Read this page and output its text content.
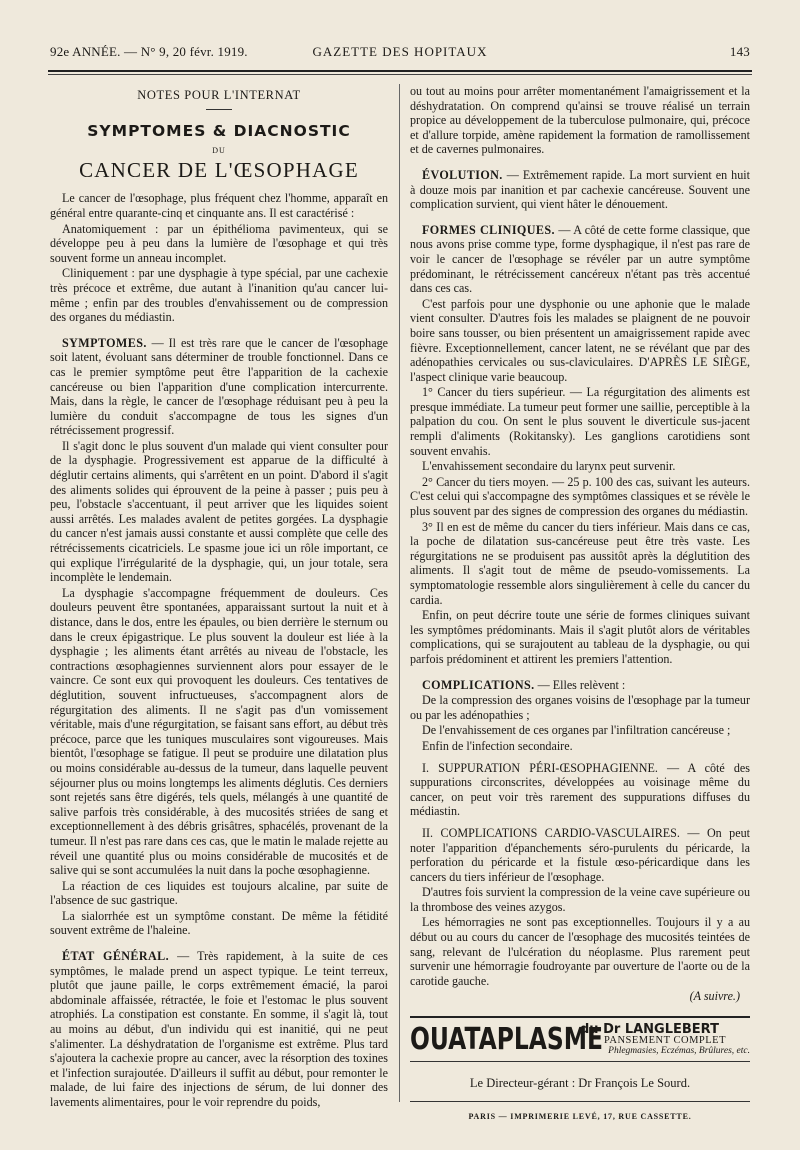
92e ANNÉE. — N° 9, 20 févr. 1919.	GAZETTE DES HOPITAUX	143

NOTES POUR L'INTERNAT

SYMPTOMES & DIACNOSTIC

DU

CANCER DE L'ŒSOPHAGE

Le cancer de l'œsophage, plus fréquent chez l'homme, apparaît en général entre quarante-cinq et cinquante ans. Il est caractérisé :

Anatomiquement : par un épithélioma pavimenteux, qui se développe peu à peu dans la lumière de l'œsophage et qui très souvent forme un anneau incomplet.

Cliniquement : par une dysphagie à type spécial, par une cachexie très précoce et extrême, due autant à l'inanition qu'au cancer lui-même ; enfin par des troubles d'envahissement ou de compression des organes du médiastin.

SYMPTOMES. — Il est très rare que le cancer de l'œsophage soit latent, évoluant sans déterminer de trouble fonctionnel. Dans ce cas le premier symptôme peut être l'apparition de la cachexie cancéreuse ou bien l'apparition d'une complication intercurrente. Mais, dans la règle, le cancer de l'œsophage réduisant peu à peu la lumière du conduit s'accompagne de tous les signes d'un rétrécissement progressif.

Il s'agit donc le plus souvent d'un malade qui vient consulter pour de la dysphagie. Progressivement est apparue de la difficulté à déglutir certains aliments, qui s'arrêtent en un point. D'abord il s'agit des aliments solides qui éprouvent de la peine à passer ; puis peu à peu, l'obstacle s'accentuant, il peut arriver que les liquides soient aussi arrêtés. Les malades avalent de petites gorgées. La dysphagie du cancer n'est jamais aussi constante et aussi complète que celle des rétrécissements cicatriciels. Le spasme joue ici un rôle important, ce qui explique l'irrégularité de la dysphagie, qui, un jour totale, sera incomplète le lendemain.

La dysphagie s'accompagne fréquemment de douleurs. Ces douleurs peuvent être spontanées, apparaissant surtout la nuit et à distance, dans le dos, entre les épaules, ou bien derrière le sternum ou dans le creux épigastrique. Le plus souvent la douleur est liée à la dysphagie ; les aliments étant arrêtés au niveau de l'obstacle, les contractions œsophagiennes surviennent alors pour essayer de le vaincre. Ce sont eux qui provoquent les douleurs. Ces tentatives de déglutition, souvent infructueuses, s'accompagnent alors de régurgitation des aliments. Il ne s'agit pas d'un vomissement véritable, mais d'une régurgitation, se faisant sans effort, au début très précoce, parce que les tuniques musculaires sont vigoureuses. Mais bientôt, l'œsophage se fatigue. Il peut se produire une dilatation plus ou moins considérable au-dessus de la tumeur, dans laquelle peuvent séjourner plus ou moins longtemps les aliments déglutis. Ces derniers sont rejetés sans être digérés, tels quels, mélangés à une quantité de salive parfois très considérable, à des mucosités striées de sang et exceptionnellement à des débris grisâtres, sphacélés, provenant de la tumeur. Il n'est pas rare dans ces cas, que le matin le malade rejette au réveil une quantité plus ou moins considérable de mucosités et de salive qui se sont accumulées la nuit dans la poche œsophagienne.

La réaction de ces liquides est toujours alcaline, par suite de l'absence de suc gastrique.

La sialorrhée est un symptôme constant. De même la fétidité souvent extrême de l'haleine.

ÉTAT GÉNÉRAL. — Très rapidement, à la suite de ces symptômes, le malade prend un aspect typique. Le teint terreux, plutôt que jaune paille, le corps extrêmement émacié, la paroi abdominale affaissée, rétractée, le foie et l'estomac le plus souvent atrophiés. La constipation est constante. En somme, il s'agit là, tout au moins au début, d'un individu qui est inanitié, qui ne peut s'alimenter. La déshydratation de l'organisme est extrême. Plus tard s'ajoutera la cachexie propre au cancer, avec la résorption des toxines et l'infection surajoutée. D'ailleurs il suffit au début, pour remonter le malade, de lui faire des injections de sérum, de lui donner des lavements alimentaires, pour le voir reprendre du poids,

ou tout au moins pour arrêter momentanément l'amaigrissement et la déshydratation. On comprend qu'ainsi se trouve réalisé un terrain propice au développement de la tuberculose pulmonaire, qui, précoce et d'allure torpide, amène rapidement la formation de ramollissement et de cavernes pulmonaires.

ÉVOLUTION. — Extrêmement rapide. La mort survient en huit à douze mois par inanition et par cachexie cancéreuse. Souvent une complication survient, qui vient hâter le dénouement.

FORMES CLINIQUES. — A côté de cette forme classique, que nous avons prise comme type, forme dysphagique, il n'est pas rare de voir le cancer de l'œsophage se révéler par un autre symptôme prédominant, le rétrécissement cancéreux n'étant pas très accentué dans ces cas.

C'est parfois pour une dysphonie ou une aphonie que le malade vient consulter. D'autres fois les malades se plaignent de ne pouvoir boire sans tousser, ou bien présentent un amaigrissement rapide avec fièvre. Exceptionnellement, cancer latent, ne se révélant que par des adénopathies cervicales ou sus-claviculaires. D'APRÈS LE SIÈGE, l'aspect clinique varie beaucoup.

1° Cancer du tiers supérieur. — La régurgitation des aliments est presque immédiate. La tumeur peut former une saillie, perceptible à la palpation du cou. On sent le plus souvent le diverticule sus-jacent rempli d'aliments (Rokitansky). Les ganglions carotidiens sont souvent envahis.

L'envahissement secondaire du larynx peut survenir.

2° Cancer du tiers moyen. — 25 p. 100 des cas, suivant les auteurs. C'est celui qui s'accompagne des symptômes classiques et se révèle le plus souvent par des signes de compression des organes du médiastin.

3° Il en est de même du cancer du tiers inférieur. Mais dans ce cas, la poche de dilatation sus-cancéreuse peut être très vaste. Les régurgitations ne se produisent pas aussitôt après la déglutition des aliments. Il s'agit tout de même de pseudo-vomissements. La symptomatologie ressemble alors singulièrement à celle du cancer du cardia.

Enfin, on peut décrire toute une série de formes cliniques suivant les symptômes prédominants. Mais il s'agit plutôt alors de véritables complications, qui se surajoutent au tableau de la dysphagie, ou qui parfois prédominent et attirent les premiers l'attention.

COMPLICATIONS. — Elles relèvent :

De la compression des organes voisins de l'œsophage par la tumeur ou par les adénopathies ;

De l'envahissement de ces organes par l'infiltration cancéreuse ;

Enfin de l'infection secondaire.

I. SUPPURATION PÉRI-ŒSOPHAGIENNE. — A côté des suppurations circonscrites, développées au voisinage même du cancer, on peut voir très rarement des suppurations diffuses du médiastin.

II. COMPLICATIONS CARDIO-VASCULAIRES. — On peut noter l'apparition d'épanchements séro-purulents du péricarde, la perforation du péricarde et la fistule œso-péricardique dans les cancers du tiers inférieur de l'œsophage.

D'autres fois survient la compression de la veine cave supérieure ou la thrombose des veines azygos.

Les hémorragies ne sont pas exceptionnelles. Toujours il y a au début ou au cours du cancer de l'œsophage des mucosités teintées de sang, relevant de l'ulcération du néoplasme. Plus rarement peut survenir une hémorragie foudroyante par ouverture de l'aorte ou de la carotide gauche.

(A suivre.)

OUATAPLASME
du Dr LANGLEBERT
PANSEMENT COMPLET
Phlegmasies, Eczémas, Brûlures, etc.

Le Directeur-gérant : Dr François Le Sourd.

PARIS — IMPRIMERIE LEVÉ, 17, RUE CASSETTE.
